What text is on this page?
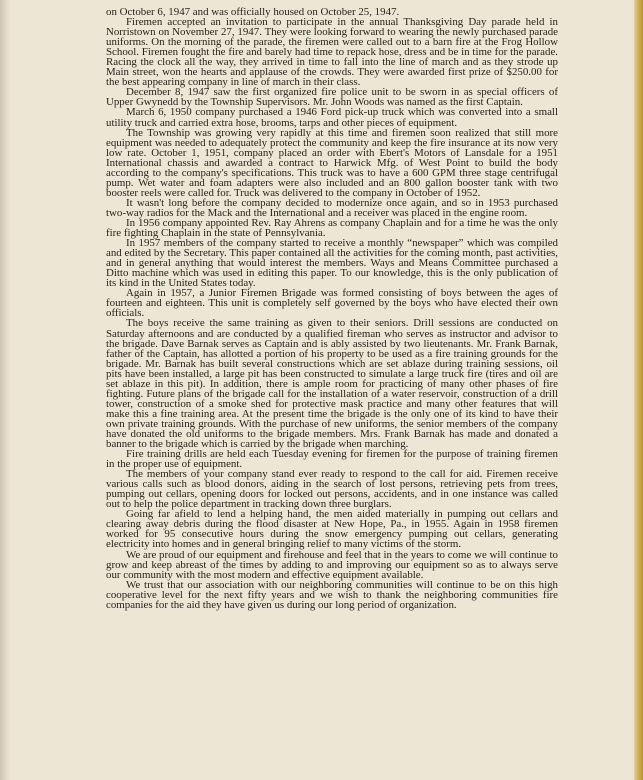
on October 6, 1947 and was officially housed on October 25, 1947.

Firemen accepted an invitation to participate in the annual Thanksgiving Day parade held in Norristown on November 27, 1947. They were looking forward to wearing the newly purchased parade uniforms. On the morning of the parade, the firemen were called out to a barn fire at the Frog Hollow School. Firemen fought the fire and barely had time to repack hose, dress and be in time for the parade. Racing the clock all the way, they arrived in time to fall into the line of march and as they strode up Main street, won the hearts and applause of the crowds. They were awarded first prize of $250.00 for the best appearing company in line of march in their class.

December 8, 1947 saw the first organized fire police unit to be sworn in as special officers of Upper Gwynedd by the Township Supervisors. Mr. John Woods was named as the first Captain.

March 6, 1950 company purchased a 1946 Ford pick-up truck which was converted into a small utility truck and carried extra hose, brooms, tarps and other pieces of equipment.

The Township was growing very rapidly at this time and firemen soon realized that still more equipment was needed to adequately protect the community and keep the fire insurance at its now very low rate. October 1, 1951, company placed an order with Ebert's Motors of Lansdale for a 1951 International chassis and awarded a contract to Harwick Mfg. of West Point to build the body according to the company's specifications. This truck was to have a 600 GPM three stage centrifugal pump. Wet water and foam adapters were also included and an 800 gallon booster tank with two booster reels were called for. Truck was delivered to the company in October of 1952.

It wasn't long before the company decided to modernize once again, and so in 1953 purchased two-way radios for the Mack and the International and a receiver was placed in the engine room.

In 1956 company appointed Rev. Ray Ahrens as company Chaplain and for a time he was the only fire fighting Chaplain in the state of Pennsylvania.

In 1957 members of the company started to receive a monthly “newspaper” which was compiled and edited by the Secretary. This paper contained all the activities for the coming month, past activities, and in general anything that would interest the members. Ways and Means Committee purchased a Ditto machine which was used in editing this paper. To our knowledge, this is the only publication of its kind in the United States today.

Again in 1957, a Junior Firemen Brigade was formed consisting of boys between the ages of fourteen and eighteen. This unit is completely self governed by the boys who have elected their own officials.

The boys receive the same training as given to their seniors. Drill sessions are conducted on Saturday afternoons and are conducted by a qualified fireman who serves as instructor and advisor to the brigade. Dave Barnak serves as Captain and is ably assisted by two lieutenants. Mr. Frank Barnak, father of the Captain, has allotted a portion of his property to be used as a fire training grounds for the brigade. Mr. Barnak has built several constructions which are set ablaze during training sessions, oil pits have been installed, a large pit has been constructed to simulate a large truck fire (tires and oil are set ablaze in this pit). In addition, there is ample room for practicing of many other phases of fire fighting. Future plans of the brigade call for the installation of a water reservoir, construction of a drill tower, construction of a smoke shed for protective mask practice and many other features that will make this a fine training area. At the present time the brigade is the only one of its kind to have their own private training grounds. With the purchase of new uniforms, the senior members of the company have donated the old uniforms to the brigade members. Mrs. Frank Barnak has made and donated a banner to the brigade which is carried by the brigade when marching.

Fire training drills are held each Tuesday evening for firemen for the purpose of training firemen in the proper use of equipment.

The members of your company stand ever ready to respond to the call for aid. Firemen receive various calls such as blood donors, aiding in the search of lost persons, retrieving pets from trees, pumping out cellars, opening doors for locked out persons, accidents, and in one instance was called out to help the police department in tracking down three burglars.

Going far afield to lend a helping hand, the men aided materially in pumping out cellars and clearing away debris during the flood disaster at New Hope, Pa., in 1955. Again in 1958 firemen worked for 95 consecutive hours during the snow emergency pumping out cellars, generating electricity into homes and in general bringing relief to many victims of the storm.

We are proud of our equipment and firehouse and feel that in the years to come we will continue to grow and keep abreast of the times by adding to and improving our equipment so as to always serve our community with the most modern and effective equipment available.

We trust that our association with our neighboring communities will continue to be on this high cooperative level for the next fifty years and we wish to thank the neighboring communities fire companies for the aid they have given us during our long period of organization.
